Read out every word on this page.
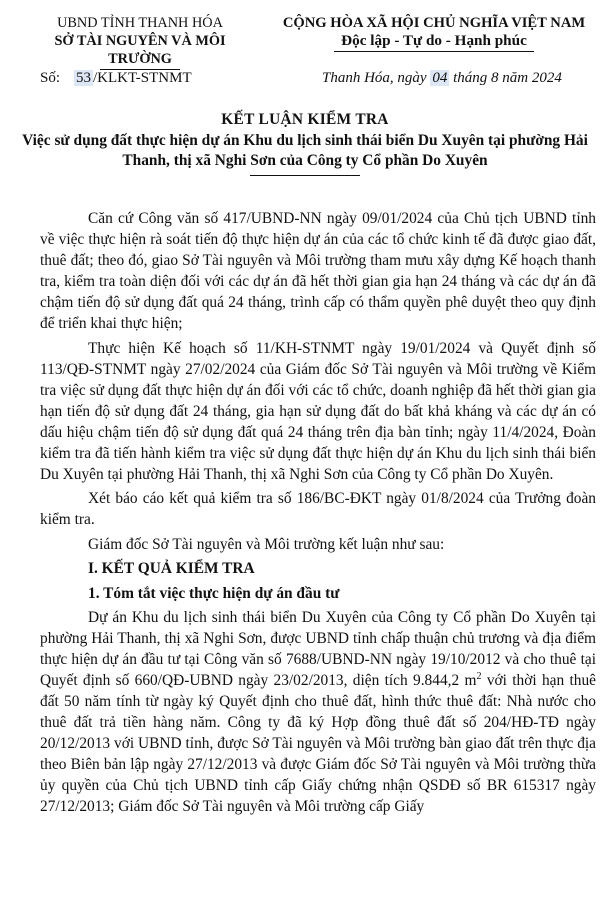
UBND TỈNH THANH HÓA
SỞ TÀI NGUYÊN VÀ MÔI TRƯỜNG
CỘNG HÒA XÃ HỘI CHỦ NGHĨA VIỆT NAM
Độc lập - Tự do - Hạnh phúc
Số: 53 /KLKT-STNMT	Thanh Hóa, ngày 04 tháng 8 năm 2024
KẾT LUẬN KIỂM TRA
Việc sử dụng đất thực hiện dự án Khu du lịch sinh thái biển Du Xuyên tại phường Hải Thanh, thị xã Nghi Sơn của Công ty Cổ phần Do Xuyên

Căn cứ Công văn số 417/UBND-NN ngày 09/01/2024 của Chủ tịch UBND tỉnh về việc thực hiện rà soát tiến độ thực hiện dự án của các tổ chức kinh tế đã được giao đất, thuê đất; theo đó, giao Sở Tài nguyên và Môi trường tham mưu xây dựng Kế hoạch thanh tra, kiểm tra toàn diện đối với các dự án đã hết thời gian gia hạn 24 tháng và các dự án đã chậm tiến độ sử dụng đất quá 24 tháng, trình cấp có thẩm quyền phê duyệt theo quy định để triển khai thực hiện;

Thực hiện Kế hoạch số 11/KH-STNMT ngày 19/01/2024 và Quyết định số 113/QĐ-STNMT ngày 27/02/2024 của Giám đốc Sở Tài nguyên và Môi trường về Kiểm tra việc sử dụng đất thực hiện dự án đối với các tổ chức, doanh nghiệp đã hết thời gian gia hạn tiến độ sử dụng đất 24 tháng, gia hạn sử dụng đất do bất khả kháng và các dự án có dấu hiệu chậm tiến độ sử dụng đất quá 24 tháng trên địa bàn tỉnh; ngày 11/4/2024, Đoàn kiểm tra đã tiến hành kiểm tra việc sử dụng đất thực hiện dự án Khu du lịch sinh thái biển Du Xuyên tại phường Hải Thanh, thị xã Nghi Sơn của Công ty Cổ phần Do Xuyên.

Xét báo cáo kết quả kiểm tra số 186/BC-ĐKT ngày 01/8/2024 của Trưởng đoàn kiểm tra.

Giám đốc Sở Tài nguyên và Môi trường kết luận như sau:

I. KẾT QUẢ KIỂM TRA

1. Tóm tắt việc thực hiện dự án đầu tư

Dự án Khu du lịch sinh thái biển Du Xuyên của Công ty Cổ phần Do Xuyên tại phường Hải Thanh, thị xã Nghi Sơn, được UBND tỉnh chấp thuận chủ trương và địa điểm thực hiện dự án đầu tư tại Công văn số 7688/UBND-NN ngày 19/10/2012 và cho thuê tại Quyết định số 660/QĐ-UBND ngày 23/02/2013, diện tích 9.844,2 $m^2$ với thời hạn thuê đất 50 năm tính từ ngày ký Quyết định cho thuê đất, hình thức thuê đất: Nhà nước cho thuê đất trả tiền hàng năm. Công ty đã ký Hợp đồng thuê đất số 204/HĐ-TĐ ngày 20/12/2013 với UBND tỉnh, được Sở Tài nguyên và Môi trường bàn giao đất trên thực địa theo Biên bản lập ngày 27/12/2013 và được Giám đốc Sở Tài nguyên và Môi trường thừa ủy quyền của Chủ tịch UBND tỉnh cấp Giấy chứng nhận QSDĐ số BR 615317 ngày 27/12/2013; Giám đốc Sở Tài nguyên và Môi trường cấp Giấy
